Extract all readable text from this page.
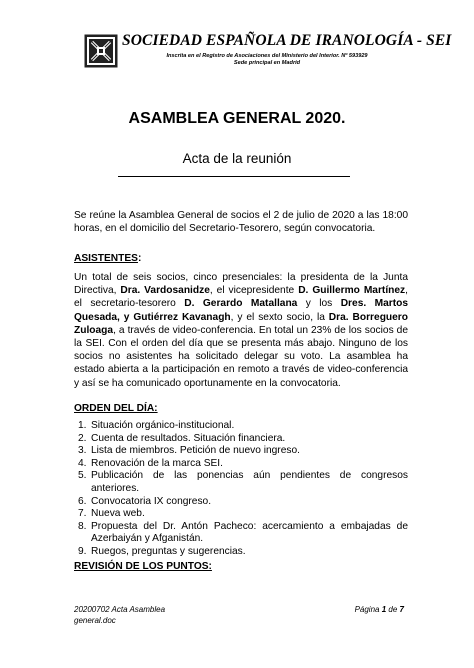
SOCIEDAD ESPAÑOLA DE IRANOLOGÍA - SEI
Inscrita en el Registro de Asociaciones del Ministerio del Interior. Nº 593929
Sede principal en Madrid
ASAMBLEA GENERAL 2020.
Acta de la reunión
Se reúne la Asamblea General de socios el 2 de julio de 2020 a las 18:00 horas, en el domicilio del Secretario-Tesorero, según convocatoria.
ASISTENTES:
Un total de seis socios, cinco presenciales: la presidenta de la Junta Directiva, Dra. Vardosanidze, el vicepresidente D. Guillermo Martínez, el secretario-tesorero D. Gerardo Matallana y los Dres. Martos Quesada, y Gutiérrez Kavanagh, y el sexto socio, la Dra. Borreguero Zuloaga, a través de video-conferencia. En total un 23% de los socios de la SEI. Con el orden del día que se presenta más abajo. Ninguno de los socios no asistentes ha solicitado delegar su voto. La asamblea ha estado abierta a la participación en remoto a través de video-conferencia y así se ha comunicado oportunamente en la convocatoria.
ORDEN DEL DÍA:
1. Situación orgánico-institucional.
2. Cuenta de resultados. Situación financiera.
3. Lista de miembros. Petición de nuevo ingreso.
4. Renovación de la marca SEI.
5. Publicación de las ponencias aún pendientes de congresos anteriores.
6. Convocatoria IX congreso.
7. Nueva web.
8. Propuesta del Dr. Antón Pacheco: acercamiento a embajadas de Azerbaiyán y Afganistán.
9. Ruegos, preguntas y sugerencias.
REVISIÓN DE LOS PUNTOS:
20200702 Acta Asamblea
general.doc
Página 1 de 7
